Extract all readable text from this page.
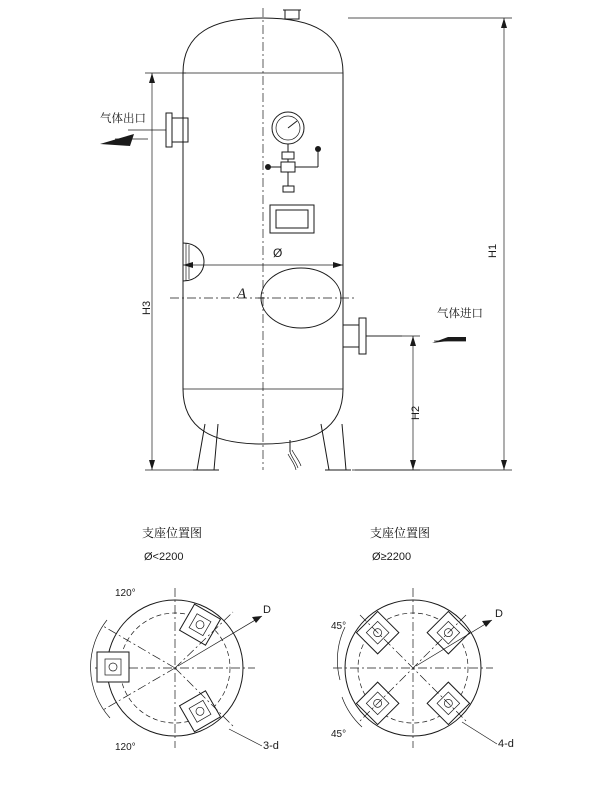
气体出口
气体进口
H1
H3
H2
Ø
A
支座位置图
Ø<2200
120°
120°
D
3-d
支座位置图
Ø≥2200
45°
45°
D
4-d
